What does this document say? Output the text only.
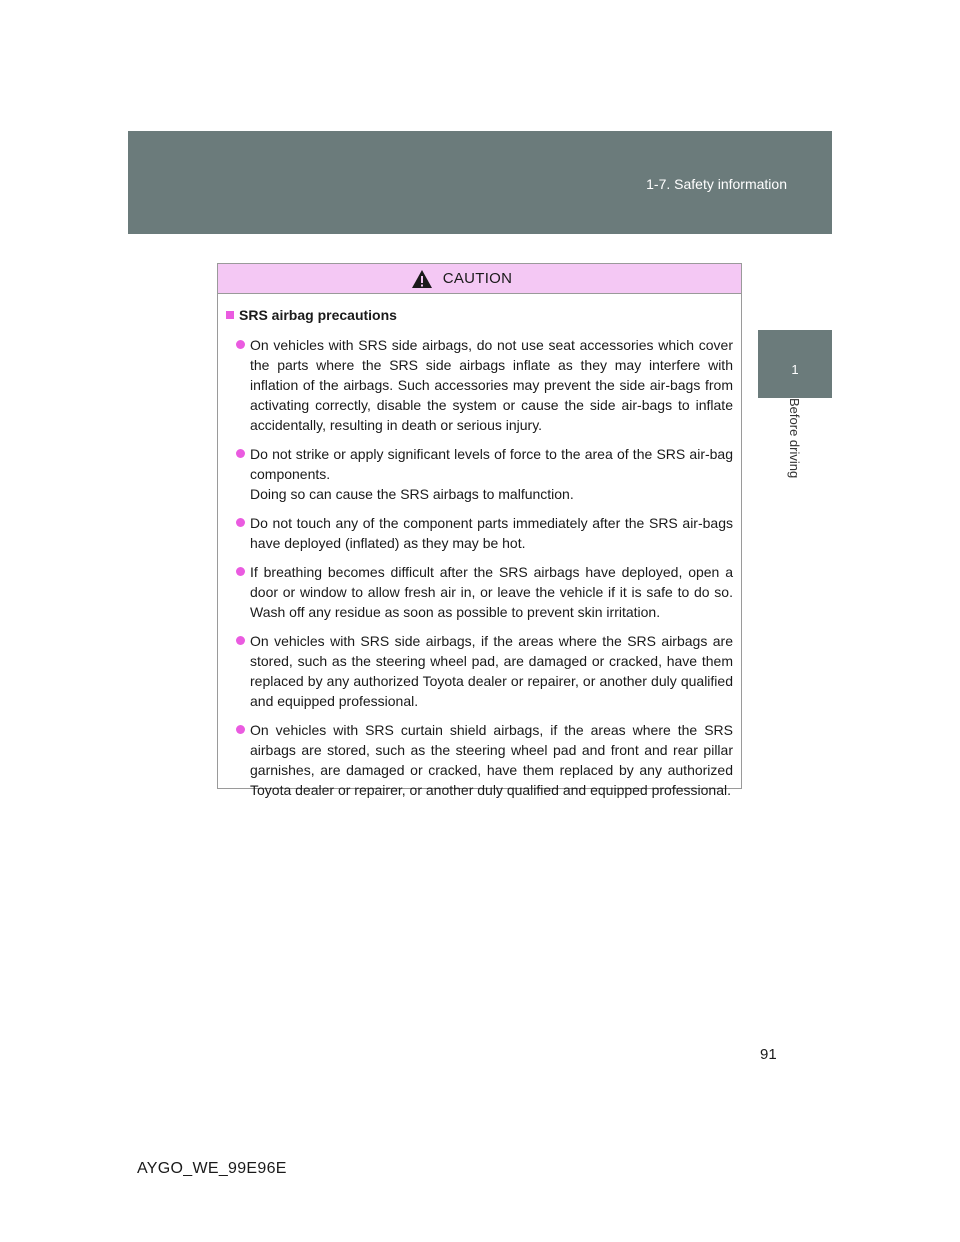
1-7. Safety information
1
Before driving
CAUTION
SRS airbag precautions

On vehicles with SRS side airbags, do not use seat accessories which cover the parts where the SRS side airbags inflate as they may interfere with inflation of the airbags. Such accessories may prevent the side air-bags from activating correctly, disable the system or cause the side air-bags to inflate accidentally, resulting in death or serious injury.

Do not strike or apply significant levels of force to the area of the SRS air-bag components.
Doing so can cause the SRS airbags to malfunction.

Do not touch any of the component parts immediately after the SRS air-bags have deployed (inflated) as they may be hot.

If breathing becomes difficult after the SRS airbags have deployed, open a door or window to allow fresh air in, or leave the vehicle if it is safe to do so. Wash off any residue as soon as possible to prevent skin irritation.

On vehicles with SRS side airbags, if the areas where the SRS airbags are stored, such as the steering wheel pad, are damaged or cracked, have them replaced by any authorized Toyota dealer or repairer, or another duly qualified and equipped professional.

On vehicles with SRS curtain shield airbags, if the areas where the SRS airbags are stored, such as the steering wheel pad and front and rear pillar garnishes, are damaged or cracked, have them replaced by any authorized Toyota dealer or repairer, or another duly qualified and equipped professional.

91
AYGO_WE_99E96E
